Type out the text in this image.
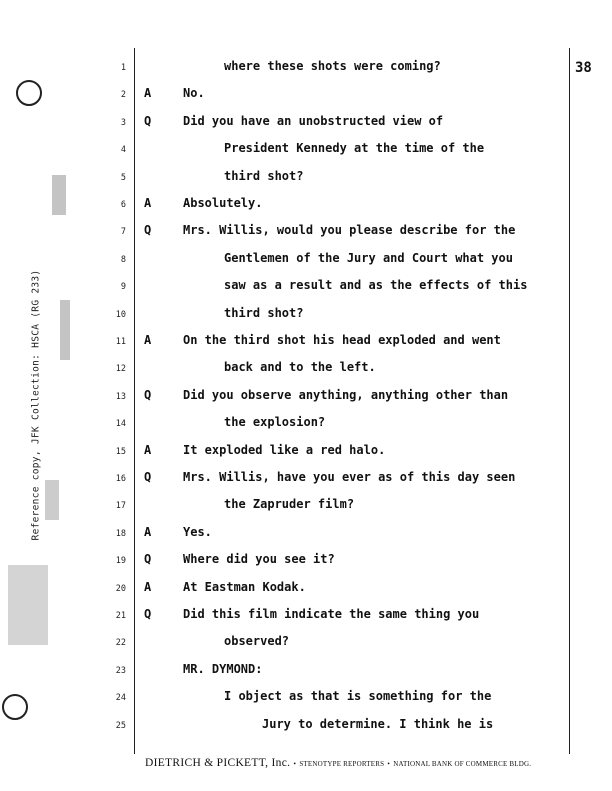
38
Reference copy, JFK Collection: HSCA (RG 233)
1	where these shots were coming?
2 A	No.
3 Q	Did you have an unobstructed view of
4	President Kennedy at the time of the
5	third shot?
6 A	Absolutely.
7 Q	Mrs. Willis, would you please describe for the
8	Gentlemen of the Jury and Court what you
9	saw as a result and as the effects of this
10	third shot?
11 A	On the third shot his head exploded and went
12	back and to the left.
13 Q	Did you observe anything, anything other than
14	the explosion?
15 A	It exploded like a red halo.
16 Q	Mrs. Willis, have you ever as of this day seen
17	the Zapruder film?
18 A	Yes.
19 Q	Where did you see it?
20 A	At Eastman Kodak.
21 Q	Did this film indicate the same thing you
22	observed?
23	MR. DYMOND:
24	I object as that is something for the
25	Jury to determine. I think he is
DIETRICH & PICKETT, Inc. • STENOTYPE REPORTERS • NATIONAL BANK OF COMMERCE BLDG.
